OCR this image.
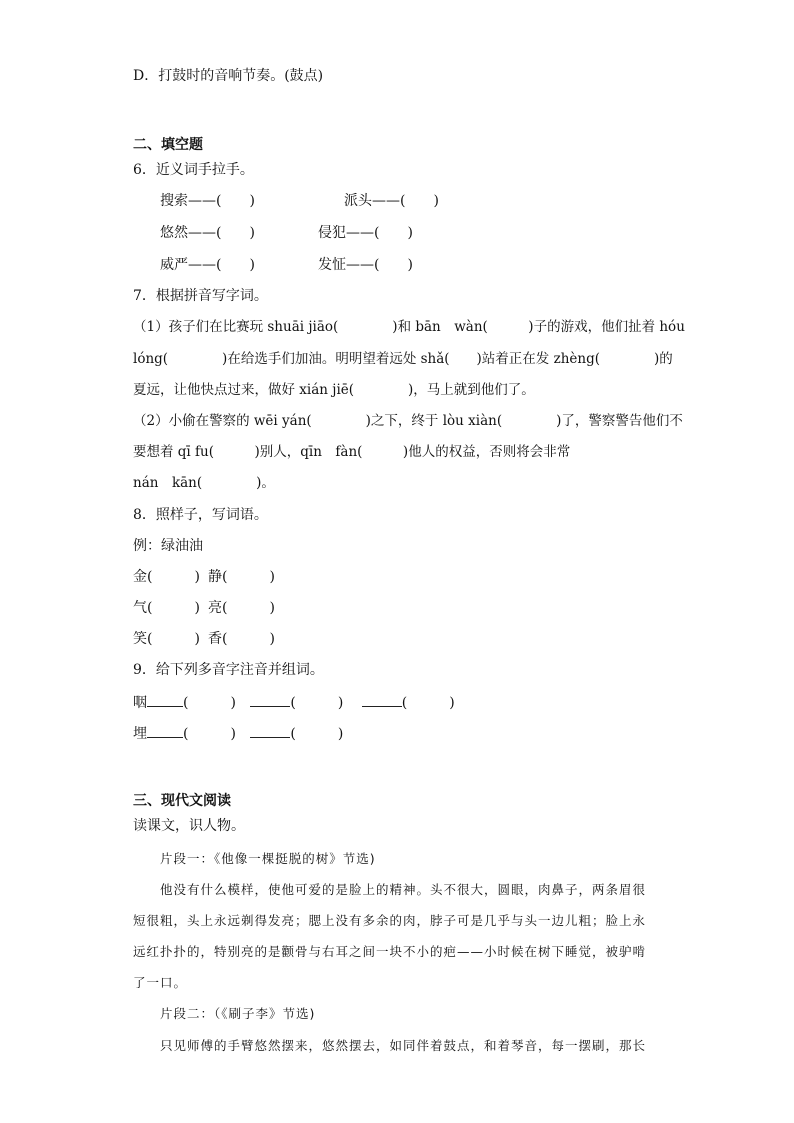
D．打鼓时的音响节奏。(鼓点)
二、填空题
6．近义词手拉手。
搜索——(　　)	派头——(　　)
悠然——(　　)	侵犯——(　　)
威严——(　　)	发怔——(　　)
7．根据拼音写字词。
（1）孩子们在比赛玩 shuāi jiāo(　　　　)和 bān　wàn(　　　)子的游戏，他们扯着 hóu
lóng(　　　　)在给选手们加油。明明望着远处 shǎ(　　)站着正在发 zhèng(　　　　)的
夏远，让他快点过来，做好 xián jiē(　　　　)，马上就到他们了。
（2）小偷在警察的 wēi yán(　　　　)之下，终于 lòu xiàn(　　　　)了，警察警告他们不
要想着 qī fu(　　　)别人，qīn　fàn(　　　)他人的权益，否则将会非常
nán　kān(　　　　)。
8．照样子，写词语。
例：绿油油
金(　　　) 静(　　　)
气(　　　) 亮(　　　)
笑(　　　) 香(　　　)
9．给下列多音字注音并组词。
咽	(　　　)	(　　　)	(　　　)
埋	(　　　)	(　　　)
三、现代文阅读
读课文，识人物。
片段一：《他像一棵挺脱的树》节选)
他没有什么模样，使他可爱的是脸上的精神。头不很大，圆眼，肉鼻子，两条眉很
短很粗，头上永远剃得发亮；腮上没有多余的肉，脖子可是几乎与头一边儿粗；脸上永
远红扑扑的，特别亮的是颧骨与右耳之间一块不小的疤——小时候在树下睡觉，被驴啃
了一口。
片段二：（《刷子李》节选)
只见师傅的手臂悠然摆来，悠然摆去，如同伴着鼓点，和着琴音，每一摆刷，那长
